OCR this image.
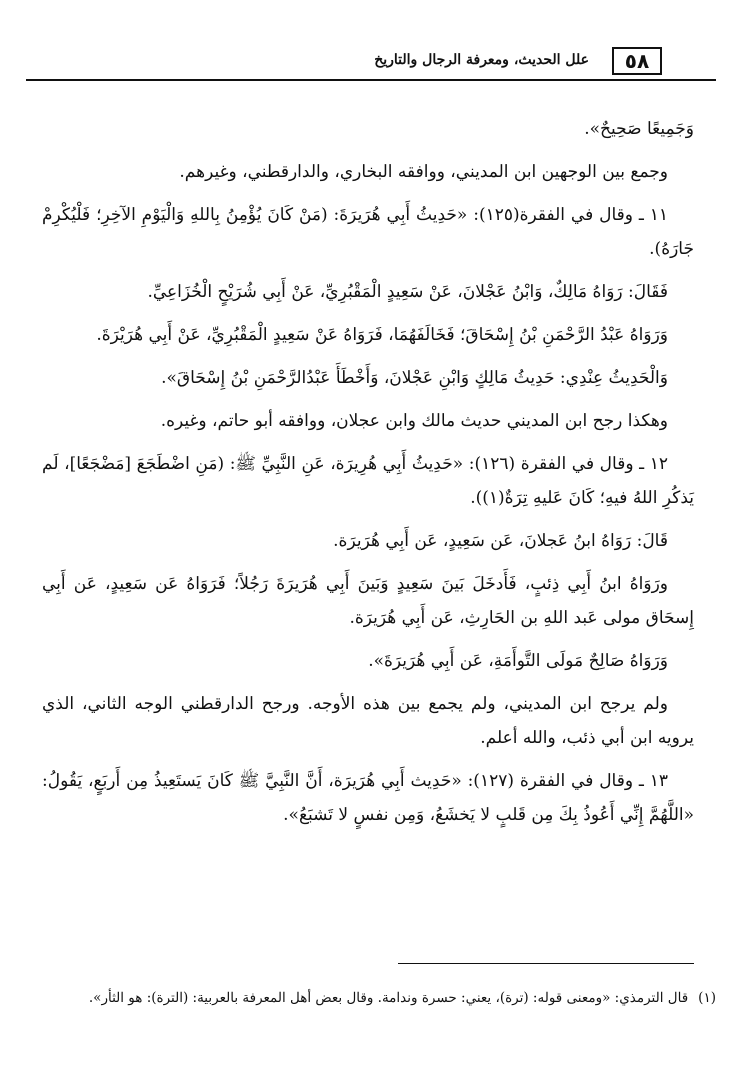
٥٨
علل الحديث، ومعرفة الرجال والتاريخ

وَجَمِيعًا صَحِيحٌ».

وجمع بين الوجهين ابن المديني، ووافقه البخاري، والدارقطني، وغيرهم.

١١ ـ وقال في الفقرة(١٢٥): «حَدِيثُ أَبِي هُرَيرَةَ: (مَنْ كَانَ يُؤْمِنُ بِاللهِ وَالْيَوْمِ الآخِرِ؛ فَلْيُكْرِمْ جَارَهُ).

فَقَالَ: رَوَاهُ مَالِكٌ، وَابْنُ عَجْلانَ، عَنْ سَعِيدٍ الْمَقْبُرِيِّ، عَنْ أَبِي شُرَيْحٍ الْخُزَاعِيِّ.

وَرَوَاهُ عَبْدُ الرَّحْمَنِ بْنُ إِسْحَاقَ؛ فَخَالَفَهُمَا، فَرَوَاهُ عَنْ سَعِيدٍ الْمَقْبُرِيِّ، عَنْ أَبِي هُرَيْرَةَ.

وَالْحَدِيثُ عِنْدِي: حَدِيثُ مَالِكٍ وَابْنِ عَجْلانَ، وَأَخْطَأَ عَبْدُالرَّحْمَنِ بْنُ إِسْحَاقَ».

وهكذا رجح ابن المديني حديث مالك وابن عجلان، ووافقه أبو حاتم، وغيره.

١٢ ـ وقال في الفقرة (١٢٦): «حَدِيثُ أَبِي هُرِيرَة، عَنِ النَّبِيِّ ﷺ: (مَنِ اضْطَجَعَ [مَضْجَعًا]، لَم يَذكُرِ اللهُ فيهِ؛ كَانَ عَليهِ تِرَةٌ(١)).

قَالَ: رَوَاهُ ابنُ عَجلانَ، عَن سَعِيدٍ، عَن أَبِي هُرَيرَة.

ورَوَاهُ ابنُ أَبِي ذِئبٍ، فَأَدخَلَ بَينَ سَعِيدٍ وَبَينَ أَبِي هُرَيرَةَ رَجُلاً؛ فَرَوَاهُ عَن سَعِيدٍ، عَن أَبِي إِسحَاق مولى عَبد اللهِ بن الحَارِثِ، عَن أَبِي هُرَيرَة.

وَرَوَاهُ صَالِحٌ مَولَى التَّوأَمَةِ، عَن أَبِي هُرَيرَةَ».

ولم يرجح ابن المديني، ولم يجمع بين هذه الأوجه. ورجح الدارقطني الوجه الثاني، الذي يرويه ابن أبي ذئب، والله أعلم.

١٣ ـ وقال في الفقرة (١٢٧): «حَدِيث أَبِي هُرَيرَة، أَنَّ النَّبِيَّ ﷺ كَانَ يَستَعِيذُ مِن أَربَعٍ، يَقُولُ: «اللَّهُمَّ إِنِّي أَعُوذُ بِكَ مِن قَلبٍ لا يَخشَعُ، وَمِن نفسٍ لا تَشبَعُ».

(١)
قال الترمذي: «ومعنى قوله: (ترة)، يعني: حسرة وندامة. وقال بعض أهل المعرفة بالعربية: (الترة): هو الثأر».
